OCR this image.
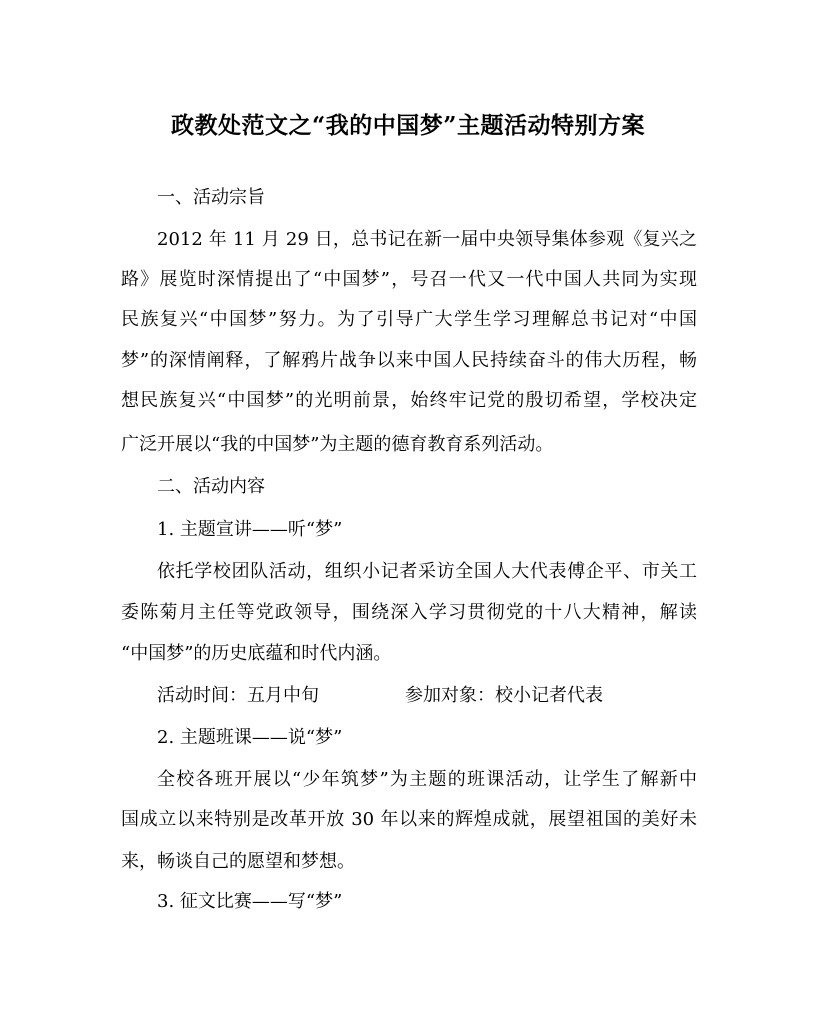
政教处范文之“我的中国梦”主题活动特别方案
一、活动宗旨
2012 年 11 月 29 日，总书记在新一届中央领导集体参观《复兴之
路》展览时深情提出了“中国梦”，号召一代又一代中国人共同为实现
民族复兴“中国梦”努力。为了引导广大学生学习理解总书记对“中国
梦”的深情阐释，了解鸦片战争以来中国人民持续奋斗的伟大历程，畅
想民族复兴“中国梦”的光明前景，始终牢记党的殷切希望，学校决定
广泛开展以“我的中国梦”为主题的德育教育系列活动。
二、活动内容
1. 主题宣讲——听“梦”
依托学校团队活动，组织小记者采访全国人大代表傅企平、市关工
委陈菊月主任等党政领导，围绕深入学习贯彻党的十八大精神，解读
“中国梦”的历史底蕴和时代内涵。
活动时间：五月中旬	参加对象：校小记者代表
2. 主题班课——说“梦”
全校各班开展以“少年筑梦”为主题的班课活动，让学生了解新中
国成立以来特别是改革开放 30 年以来的辉煌成就，展望祖国的美好未
来，畅谈自己的愿望和梦想。
3. 征文比赛——写“梦”
